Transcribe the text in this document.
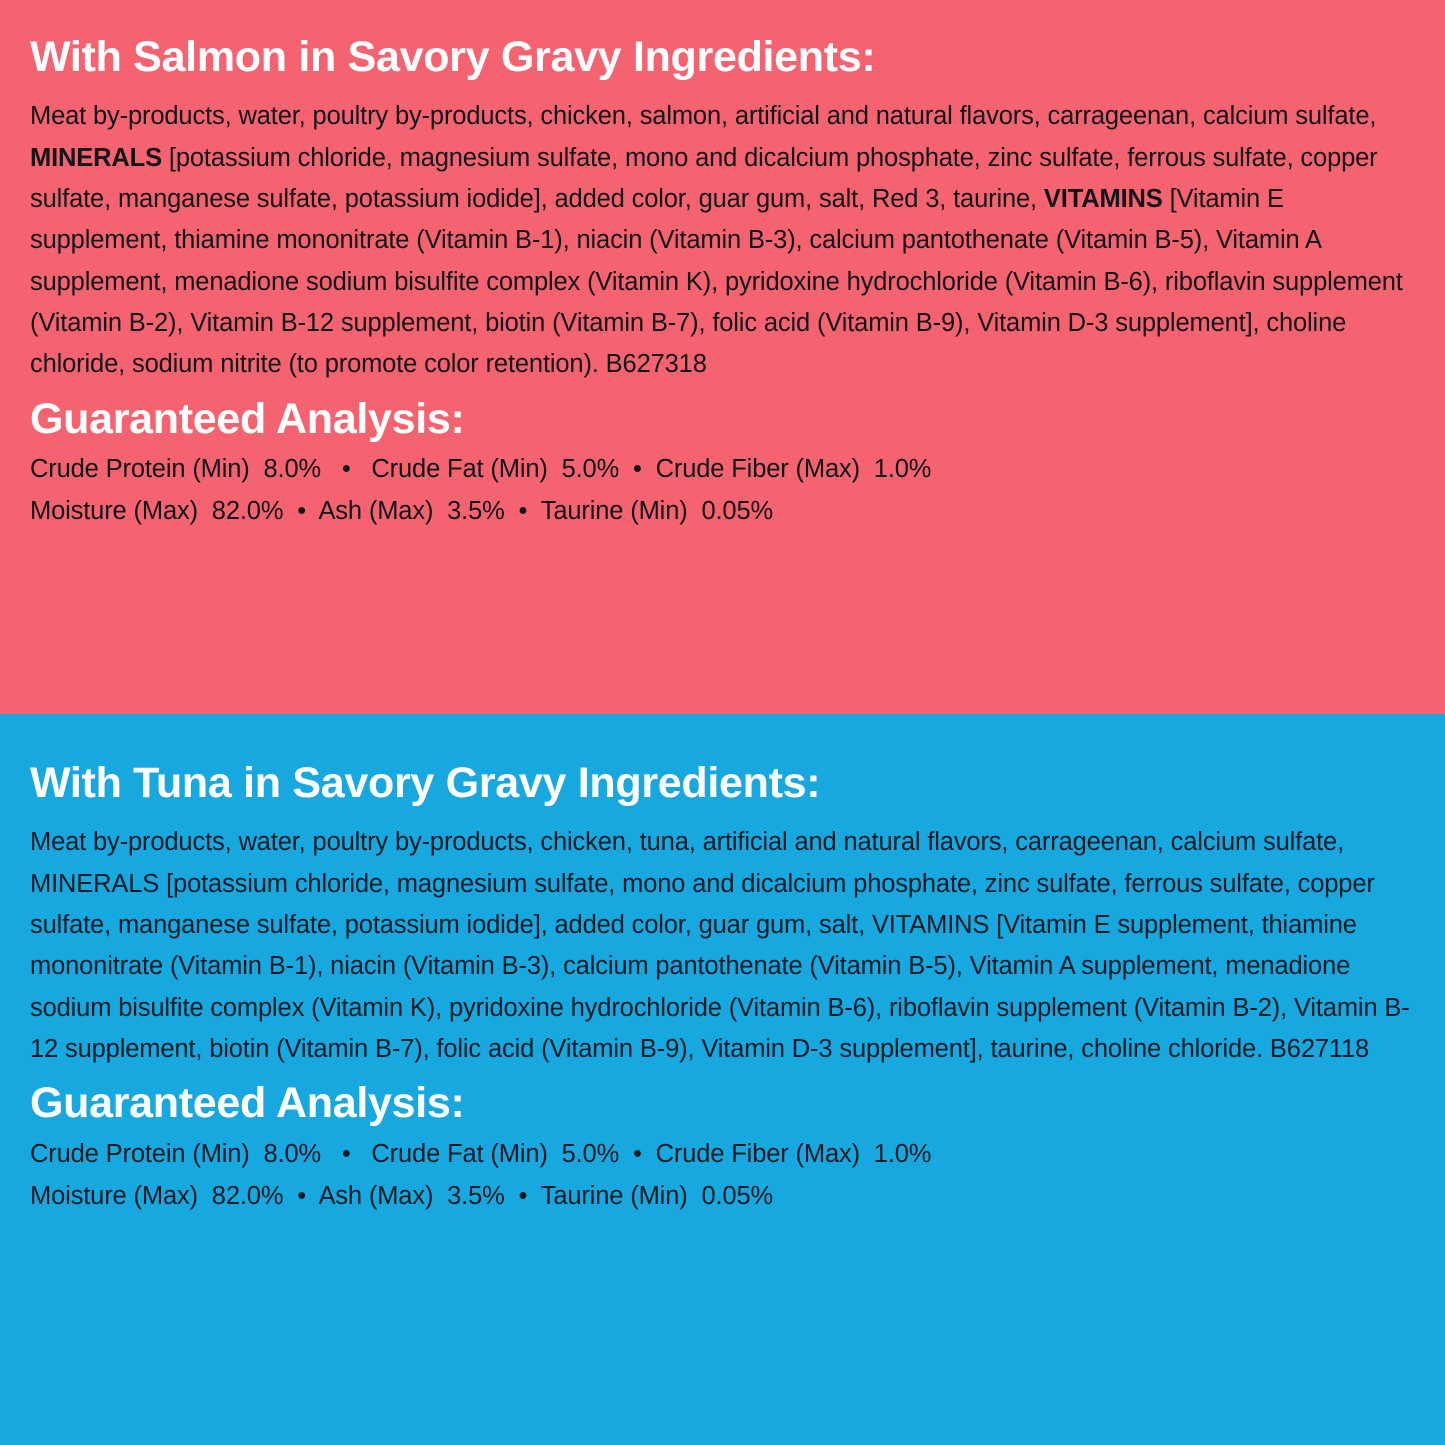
With Salmon in Savory Gravy Ingredients:

Meat by-products, water, poultry by-products, chicken, salmon, artificial and natural flavors, carrageenan, calcium sulfate, MINERALS [potassium chloride, magnesium sulfate, mono and dicalcium phosphate, zinc sulfate, ferrous sulfate, copper sulfate, manganese sulfate, potassium iodide], added color, guar gum, salt, Red 3, taurine, VITAMINS [Vitamin E supplement, thiamine mononitrate (Vitamin B-1), niacin (Vitamin B-3), calcium pantothenate (Vitamin B-5), Vitamin A supplement, menadione sodium bisulfite complex (Vitamin K), pyridoxine hydrochloride (Vitamin B-6), riboflavin supplement (Vitamin B-2), Vitamin B-12 supplement, biotin (Vitamin B-7), folic acid (Vitamin B-9), Vitamin D-3 supplement], choline chloride, sodium nitrite (to promote color retention). B627318

Guaranteed Analysis:

Crude Protein (Min)  8.0%   •   Crude Fat (Min)  5.0%  •  Crude Fiber (Max)  1.0%

Moisture (Max)  82.0%  •  Ash (Max)  3.5%  •  Taurine (Min)  0.05%

With Tuna in Savory Gravy Ingredients:

Meat by-products, water, poultry by-products, chicken, tuna, artificial and natural flavors, carrageenan, calcium sulfate, MINERALS [potassium chloride, magnesium sulfate, mono and dicalcium phosphate, zinc sulfate, ferrous sulfate, copper sulfate, manganese sulfate, potassium iodide], added color, guar gum, salt, VITAMINS [Vitamin E supplement, thiamine mononitrate (Vitamin B-1), niacin (Vitamin B-3), calcium pantothenate (Vitamin B-5), Vitamin A supplement, menadione sodium bisulfite complex (Vitamin K), pyridoxine hydrochloride (Vitamin B-6), riboflavin supplement (Vitamin B-2), Vitamin B-12 supplement, biotin (Vitamin B-7), folic acid (Vitamin B-9), Vitamin D-3 supplement], taurine, choline chloride. B627118

Guaranteed Analysis:

Crude Protein (Min)  8.0%   •   Crude Fat (Min)  5.0%  •  Crude Fiber (Max)  1.0%

Moisture (Max)  82.0%  •  Ash (Max)  3.5%  •  Taurine (Min)  0.05%
